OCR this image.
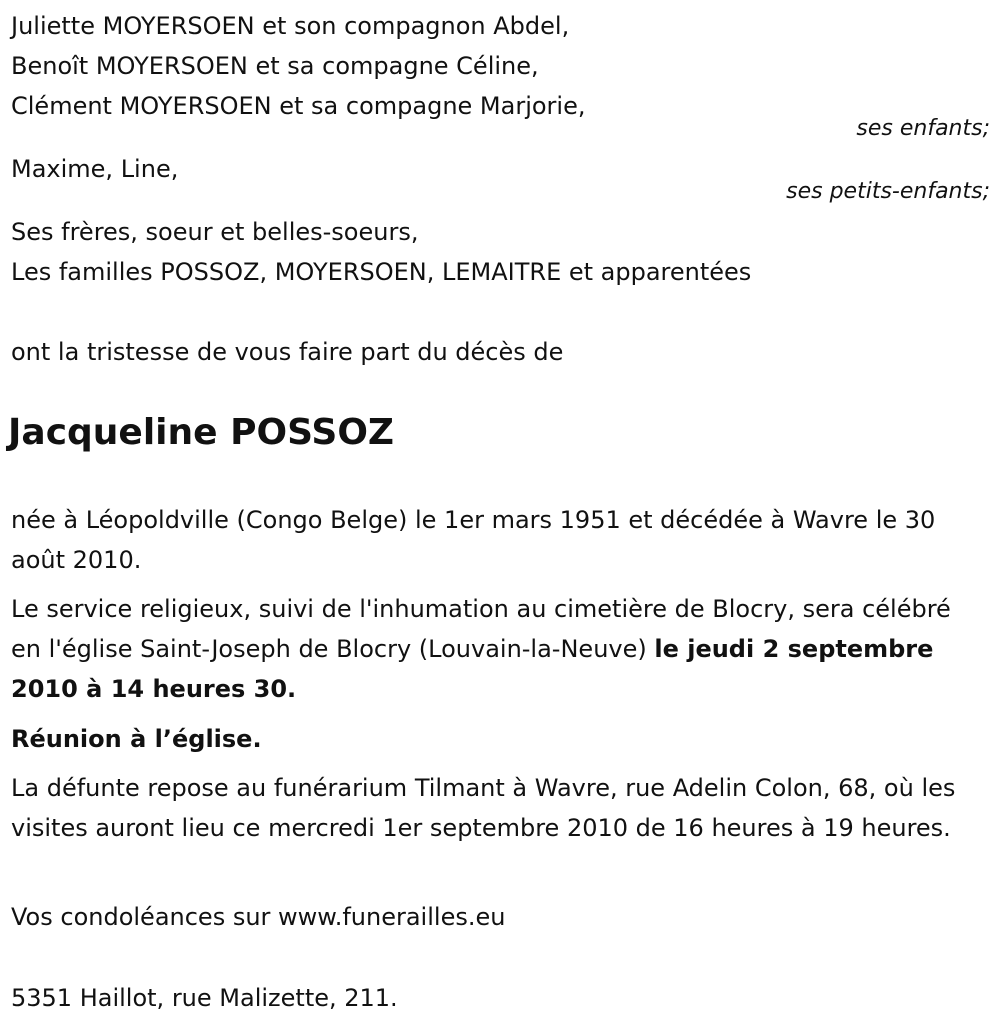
Juliette MOYERSOEN et son compagnon Abdel,

Benoît MOYERSOEN et sa compagne Céline,

Clément MOYERSOEN et sa compagne Marjorie,

ses enfants;

Maxime, Line,

ses petits-enfants;

Ses frères, soeur et belles-soeurs,

Les familles POSSOZ, MOYERSOEN, LEMAITRE et apparentées

ont la tristesse de vous faire part du décès de

Jacqueline POSSOZ

née à Léopoldville (Congo Belge) le 1er mars 1951 et décédée à Wavre le 30 août 2010.

Le service religieux, suivi de l'inhumation au cimetière de Blocry, sera célébré en l'église Saint-Joseph de Blocry (Louvain-la-Neuve) le jeudi 2 septembre 2010 à 14 heures 30.

Réunion à l’église.

La défunte repose au funérarium Tilmant à Wavre, rue Adelin Colon, 68, où les visites auront lieu ce mercredi 1er septembre 2010 de 16 heures à 19 heures.

Vos condoléances sur www.funerailles.eu

5351 Haillot, rue Malizette, 211.
